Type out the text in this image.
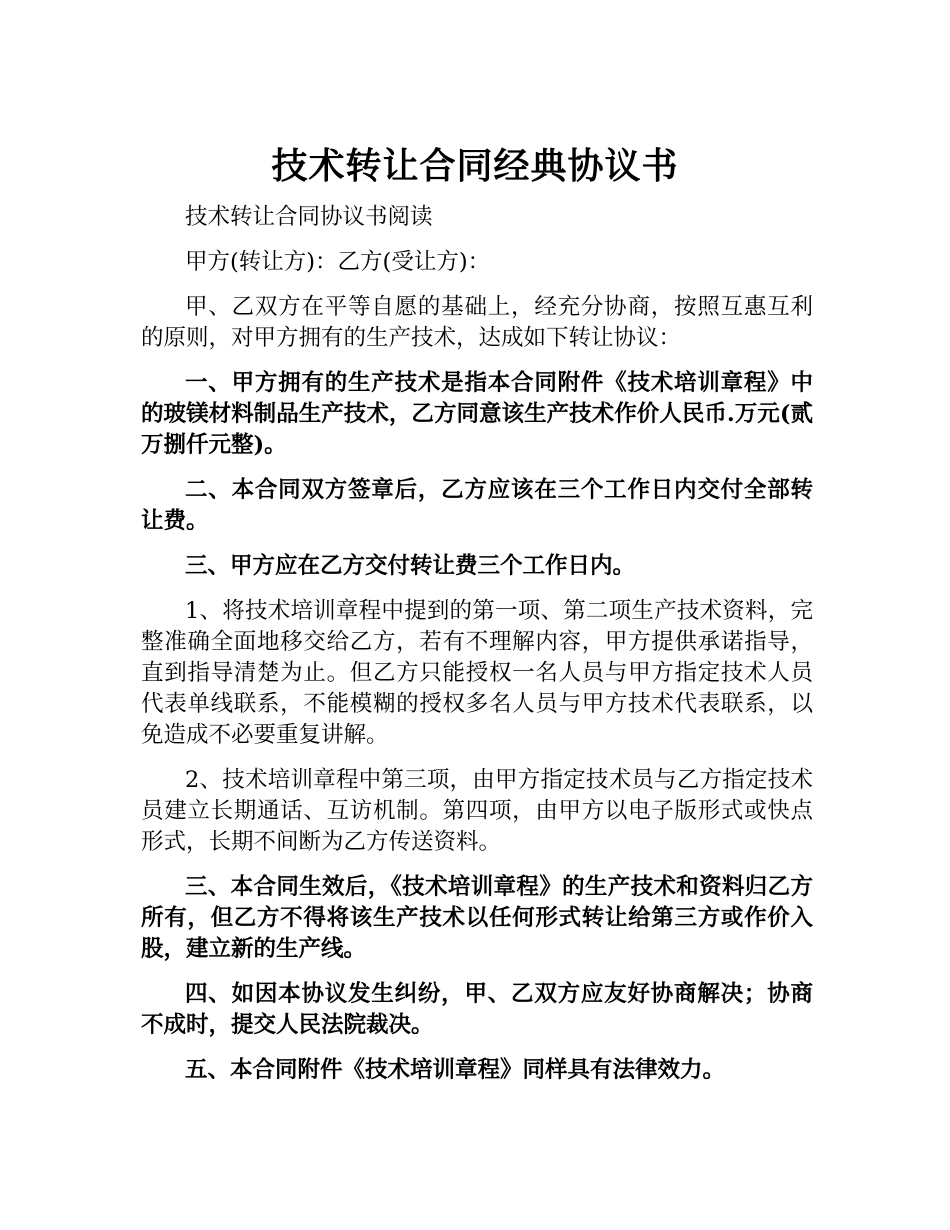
技术转让合同经典协议书

技术转让合同协议书阅读

甲方(转让方)：乙方(受让方)：

甲、乙双方在平等自愿的基础上，经充分协商，按照互惠互利的原则，对甲方拥有的生产技术，达成如下转让协议：

一、甲方拥有的生产技术是指本合同附件《技术培训章程》中的玻镁材料制品生产技术，乙方同意该生产技术作价人民币.万元(贰万捌仟元整)。

二、本合同双方签章后，乙方应该在三个工作日内交付全部转让费。

三、甲方应在乙方交付转让费三个工作日内。

1、将技术培训章程中提到的第一项、第二项生产技术资料，完整准确全面地移交给乙方，若有不理解内容，甲方提供承诺指导，直到指导清楚为止。但乙方只能授权一名人员与甲方指定技术人员代表单线联系，不能模糊的授权多名人员与甲方技术代表联系，以免造成不必要重复讲解。

2、技术培训章程中第三项，由甲方指定技术员与乙方指定技术员建立长期通话、互访机制。第四项，由甲方以电子版形式或快点形式，长期不间断为乙方传送资料。

三、本合同生效后，《技术培训章程》的生产技术和资料归乙方所有，但乙方不得将该生产技术以任何形式转让给第三方或作价入股，建立新的生产线。

四、如因本协议发生纠纷，甲、乙双方应友好协商解决；协商不成时，提交人民法院裁决。

五、本合同附件《技术培训章程》同样具有法律效力。
